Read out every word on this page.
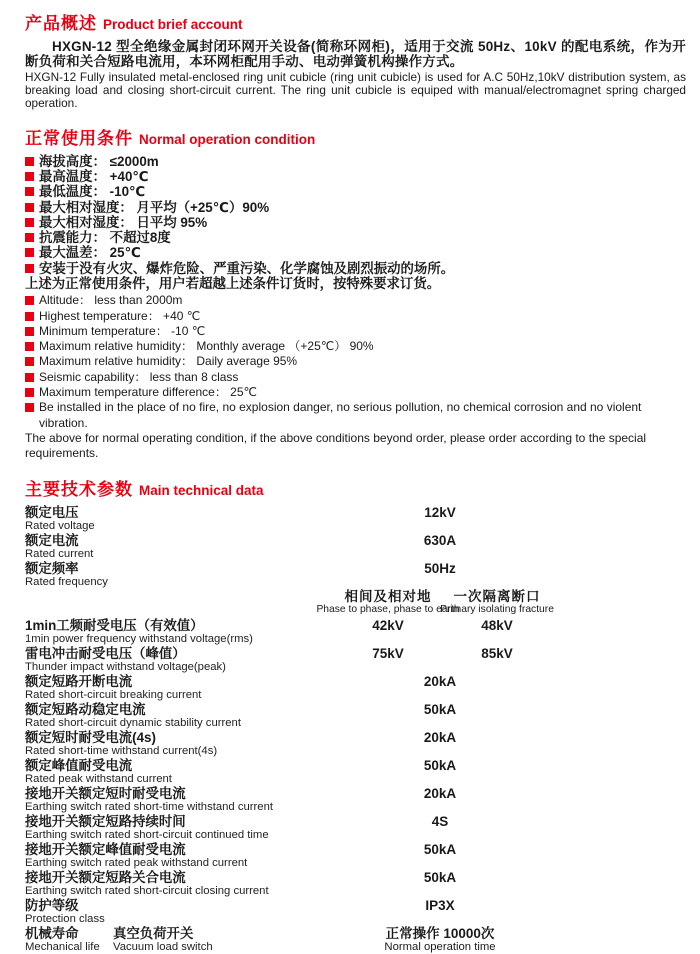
产品概述 Product brief account

HXGN-12 型全绝缘金属封闭环网开关设备(简称环网柜)，适用于交流 50Hz、10kV 的配电系统，作为开断负荷和关合短路电流用，本环网柜配用手动、电动弹簧机构操作方式。

HXGN-12 Fully insulated metal-enclosed ring unit cubicle (ring unit cubicle) is used for A.C 50Hz,10kV distribution system, as breaking load and closing short-circuit current. The ring unit cubicle is equiped with manual/electromagnet spring charged operation.

正常使用条件 Normal operation condition
海拔高度： ≤2000m
最高温度： +40℃
最低温度： -10℃
最大相对湿度： 月平均（+25℃）90%
最大相对湿度： 日平均 95%
抗震能力： 不超过8度
最大温差： 25℃
安装于没有火灾、爆炸危险、严重污染、化学腐蚀及剧烈振动的场所。
上述为正常使用条件，用户若超越上述条件订货时，按特殊要求订货。
Altitude： less than 2000m
Highest temperature： +40 ℃
Minimum temperature： -10 ℃
Maximum relative humidity： Monthly average （+25℃） 90%
Maximum relative humidity： Daily average 95%
Seismic capability： less than 8 class
Maximum temperature difference： 25℃
Be installed in the place of no fire, no explosion danger, no serious pollution, no chemical corrosion and no violent vibration.
The above for normal operating condition, if the above conditions beyond order, please order according to the special requirements.
主要技术参数 Main technical data
额定电压
Rated voltage
12kV
额定电流
Rated current
630A
额定频率
Rated frequency
50Hz
相间及相对地
Phase to phase, phase to earth
一次隔离断口
Primary isolating fracture
1min工频耐受电压（有效值）
1min power frequency withstand voltage(rms)
42kV	48kV
雷电冲击耐受电压（峰值）
Thunder impact withstand voltage(peak)
75kV	85kV
额定短路开断电流
Rated short-circuit breaking current
20kA
额定短路动稳定电流
Rated short-circuit dynamic stability current
50kA
额定短时耐受电流(4s)
Rated short-time withstand current(4s)
20kA
额定峰值耐受电流
Rated peak withstand current
50kA
接地开关额定短时耐受电流
Earthing switch rated short-time withstand current
20kA
接地开关额定短路持续时间
Earthing switch rated short-circuit continued time
4S
接地开关额定峰值耐受电流
Earthing switch rated peak withstand current
50kA
接地开关额定短路关合电流
Earthing switch rated short-circuit closing current
50kA
防护等级
Protection class
IP3X
机械寿命
Mechanical life
真空负荷开关
Vacuum load switch
正常操作 10000次
Normal operation time
